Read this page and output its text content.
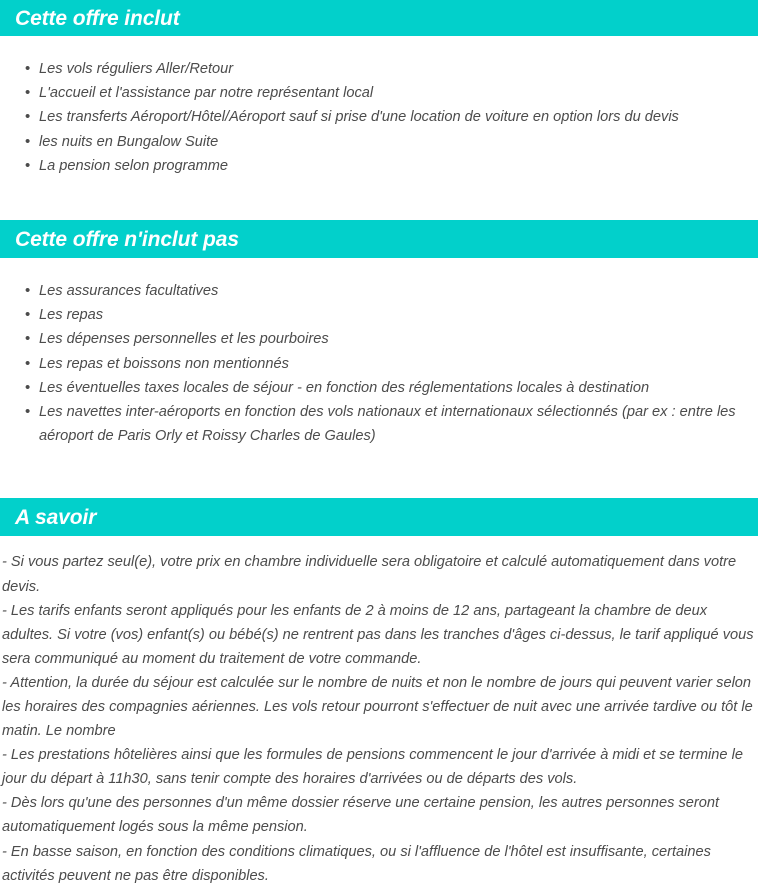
Cette offre inclut
• Les vols réguliers Aller/Retour
• L'accueil et l'assistance par notre représentant local
• Les transferts Aéroport/Hôtel/Aéroport sauf si prise d'une location de voiture en option lors du devis
• les nuits en Bungalow Suite
• La pension selon programme
Cette offre n'inclut pas
• Les assurances facultatives
• Les repas
• Les dépenses personnelles et les pourboires
• Les repas et boissons non mentionnés
• Les éventuelles taxes locales de séjour - en fonction des réglementations locales à destination
• Les navettes inter-aéroports en fonction des vols nationaux et internationaux sélectionnés (par ex : entre les aéroport de Paris Orly et Roissy Charles de Gaules)
A savoir

- Si vous partez seul(e), votre prix en chambre individuelle sera obligatoire et calculé automatiquement dans votre devis.

- Les tarifs enfants seront appliqués pour les enfants de 2 à moins de 12 ans, partageant la chambre de deux adultes. Si votre (vos) enfant(s) ou bébé(s) ne rentrent pas dans les tranches d'âges ci-dessus, le tarif appliqué vous sera communiqué au moment du traitement de votre commande.

- Attention, la durée du séjour est calculée sur le nombre de nuits et non le nombre de jours qui peuvent varier selon les horaires des compagnies aériennes. Les vols retour pourront s'effectuer de nuit avec une arrivée tardive ou tôt le matin. Le nombre

- Les prestations hôtelières ainsi que les formules de pensions commencent le jour d'arrivée à midi et se termine le jour du départ à 11h30, sans tenir compte des horaires d'arrivées ou de départs des vols.

- Dès lors qu'une des personnes d'un même dossier réserve une certaine pension, les autres personnes seront automatiquement logés sous la même pension.

- En basse saison, en fonction des conditions climatiques, ou si l'affluence de l'hôtel est insuffisante, certaines activités peuvent ne pas être disponibles.
